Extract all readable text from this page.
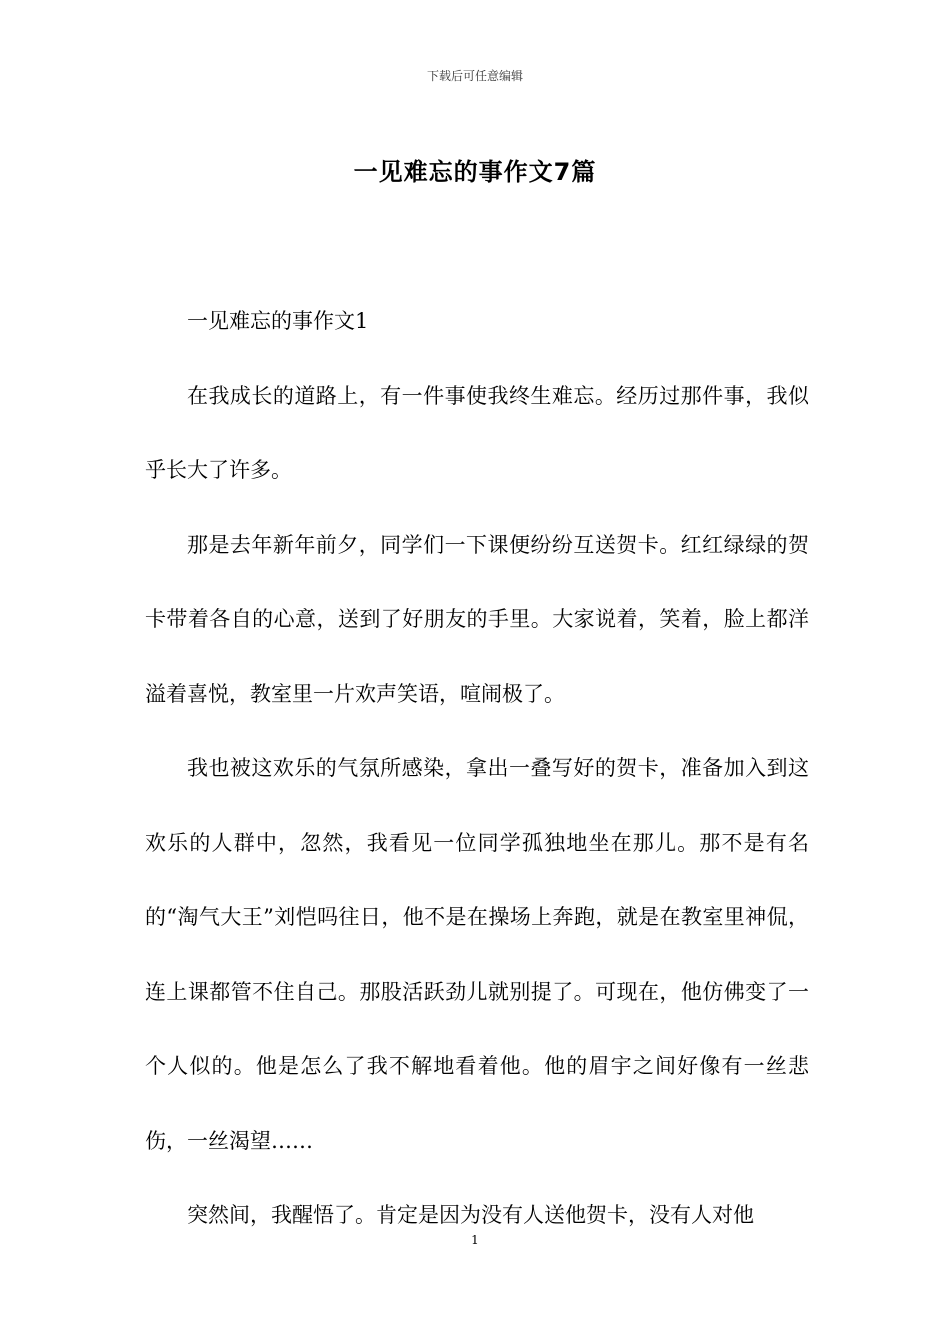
下载后可任意编辑
一见难忘的事作文7篇

一见难忘的事作文1

在我成长的道路上，有一件事使我终生难忘。经历过那件事，我似乎长大了许多。

那是去年新年前夕，同学们一下课便纷纷互送贺卡。红红绿绿的贺卡带着各自的心意，送到了好朋友的手里。大家说着，笑着，脸上都洋溢着喜悦，教室里一片欢声笑语，喧闹极了。

我也被这欢乐的气氛所感染，拿出一叠写好的贺卡，准备加入到这欢乐的人群中，忽然，我看见一位同学孤独地坐在那儿。那不是有名的“淘气大王”刘恺吗往日，他不是在操场上奔跑，就是在教室里神侃，连上课都管不住自己。那股活跃劲儿就别提了。可现在，他仿佛变了一个人似的。他是怎么了我不解地看着他。他的眉宇之间好像有一丝悲伤，一丝渴望……

突然间，我醒悟了。肯定是因为没有人送他贺卡，没有人对他

1
